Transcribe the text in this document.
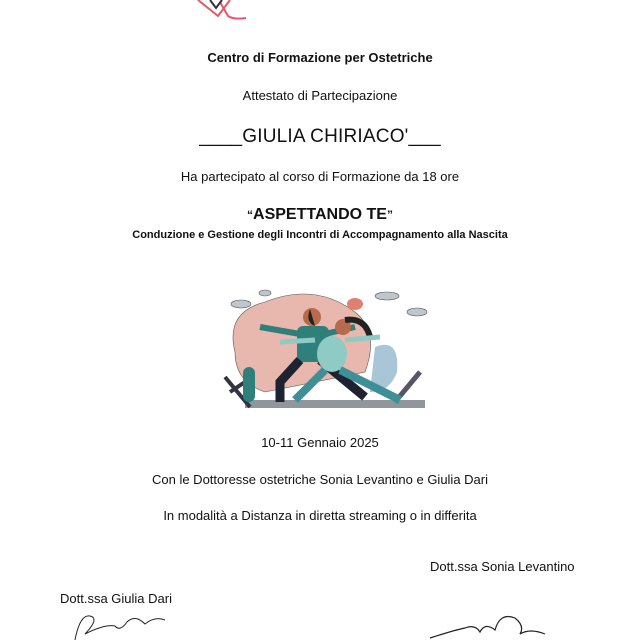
Centro di Formazione per Ostetriche
Attestato di Partecipazione
____GIULIA CHIRIACO'___
Ha partecipato al corso di Formazione da 18 ore
“ASPETTANDO TE”
Conduzione e Gestione degli Incontri di Accompagnamento alla Nascita
10-11 Gennaio 2025
Con le Dottoresse ostetriche Sonia Levantino e Giulia Dari
In modalità a Distanza in diretta streaming o in differita
Dott.ssa Sonia Levantino
Dott.ssa Giulia Dari
